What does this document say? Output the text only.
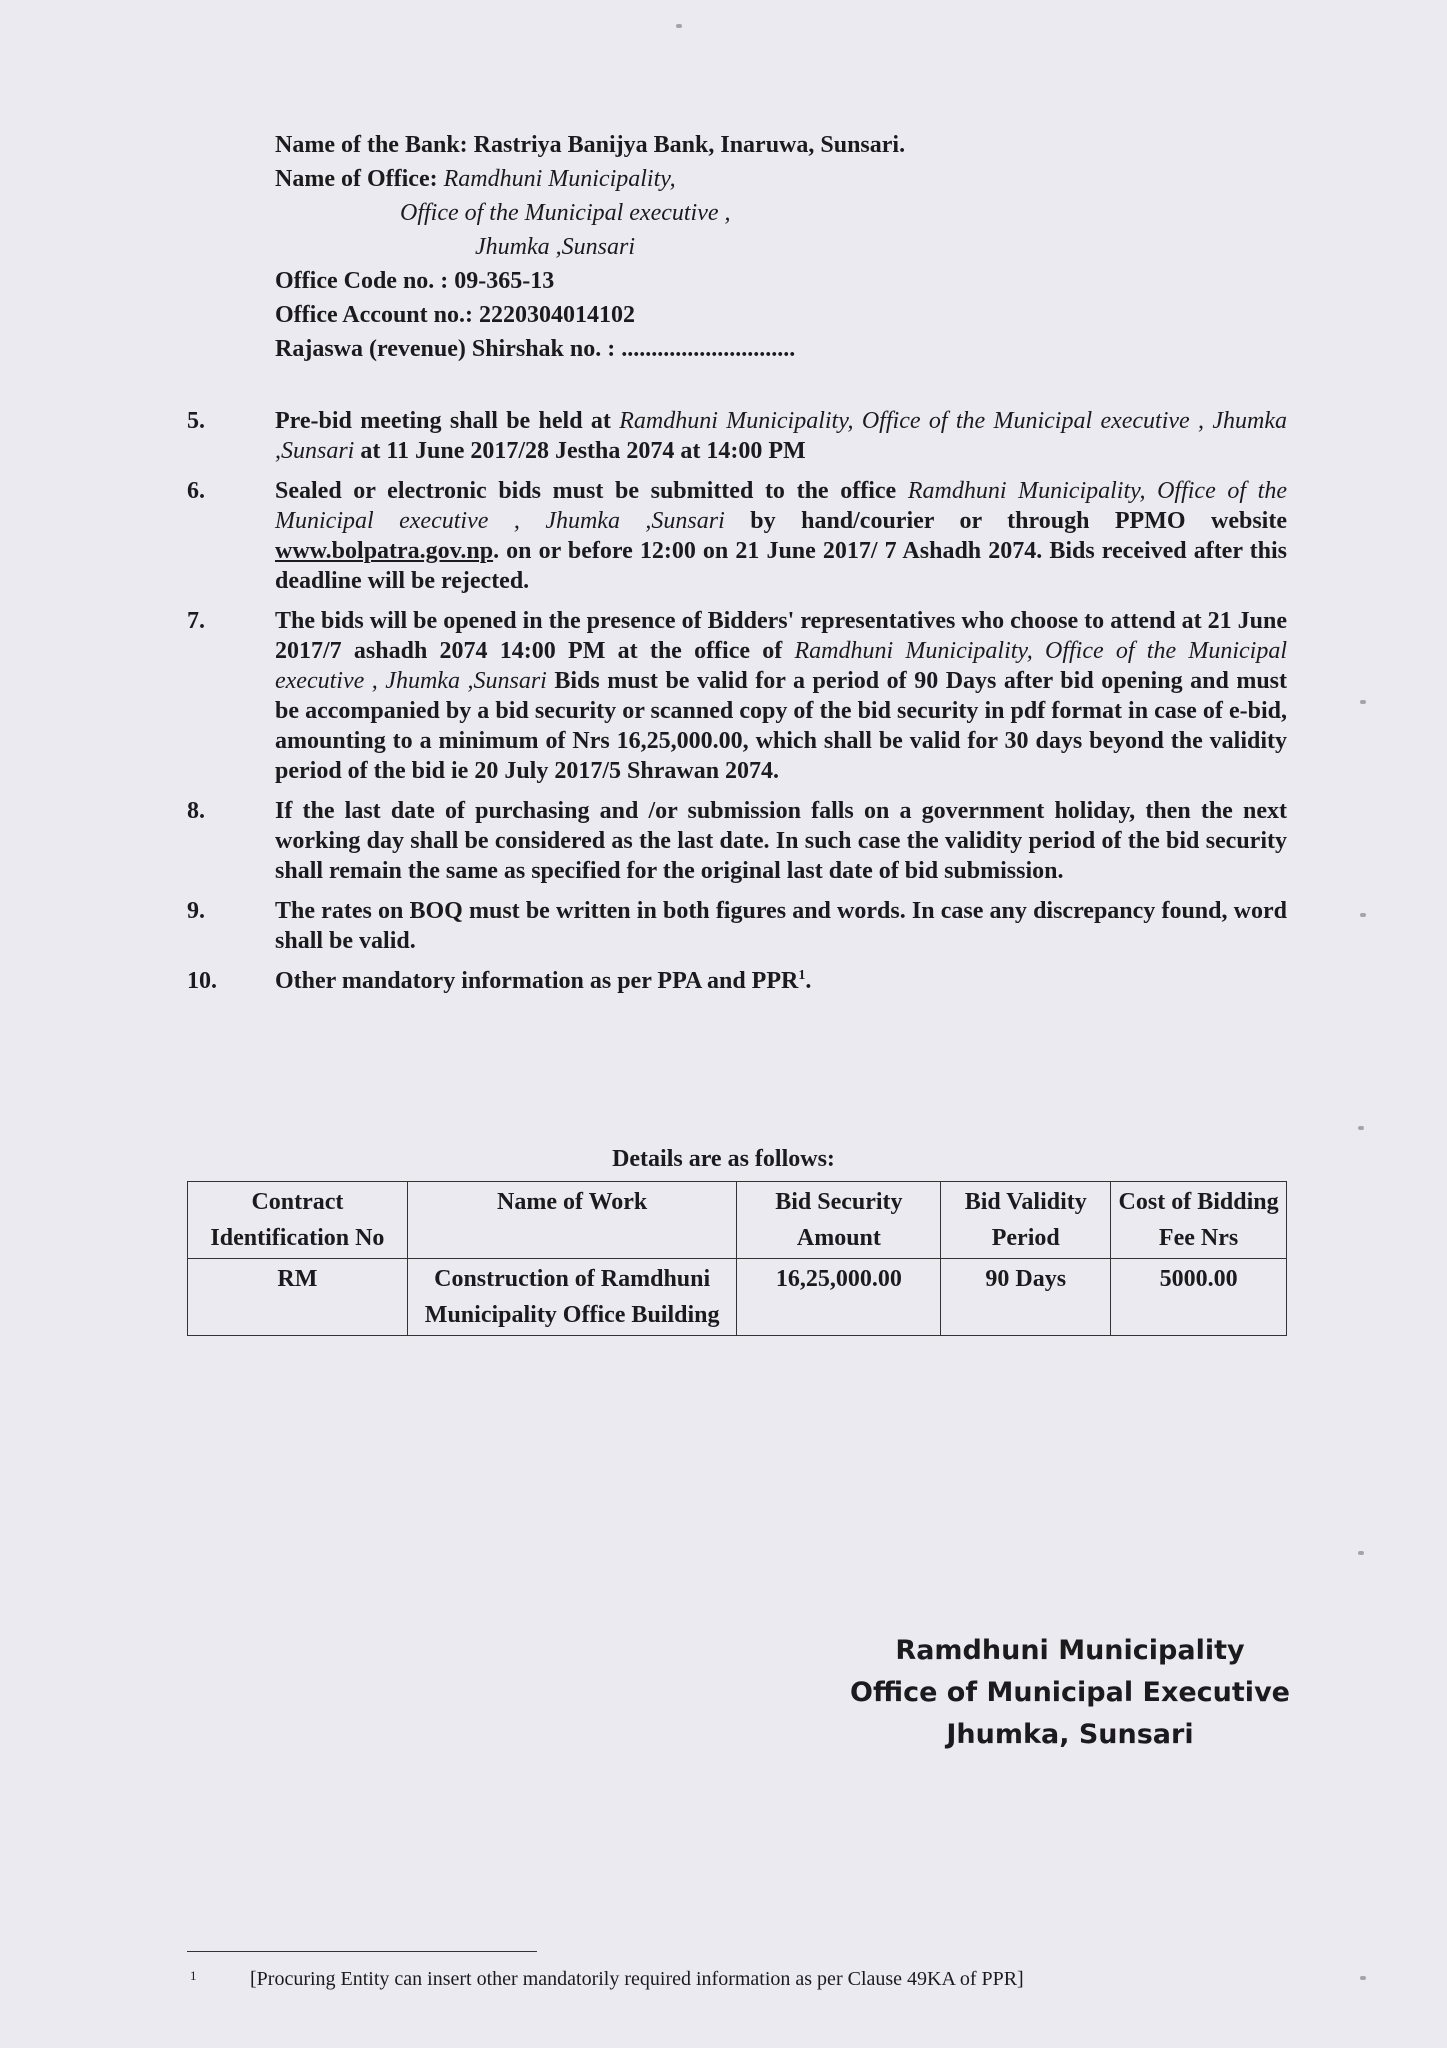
Name of the Bank: Rastriya Banijya Bank, Inaruwa, Sunsari.
Name of Office: Ramdhuni Municipality,
Office of the Municipal executive ,
Jhumka ,Sunsari
Office Code no. : 09-365-13
Office Account no.: 2220304014102
Rajaswa (revenue) Shirshak no. : .............................
5.	Pre-bid meeting shall be held at Ramdhuni Municipality, Office of the Municipal executive , Jhumka ,Sunsari at 11 June 2017/28 Jestha 2074 at 14:00 PM
6.	Sealed or electronic bids must be submitted to the office Ramdhuni Municipality, Office of the Municipal executive , Jhumka ,Sunsari by hand/courier or through PPMO website www.bolpatra.gov.np. on or before 12:00 on 21 June 2017/ 7 Ashadh 2074. Bids received after this deadline will be rejected.
7.	The bids will be opened in the presence of Bidders' representatives who choose to attend at 21 June 2017/7 ashadh 2074 14:00 PM at the office of Ramdhuni Municipality, Office of the Municipal executive , Jhumka ,Sunsari Bids must be valid for a period of 90 Days after bid opening and must be accompanied by a bid security or scanned copy of the bid security in pdf format in case of e-bid, amounting to a minimum of Nrs 16,25,000.00, which shall be valid for 30 days beyond the validity period of the bid ie 20 July 2017/5 Shrawan 2074.
8.	If the last date of purchasing and /or submission falls on a government holiday, then the next working day shall be considered as the last date. In such case the validity period of the bid security shall remain the same as specified for the original last date of bid submission.
9.	The rates on BOQ must be written in both figures and words. In case any discrepancy found, word shall be valid.
10.	Other mandatory information as per PPA and PPR$^1$.
Details are as follows:
Contract Identification No	Name of Work	Bid Security Amount	Bid Validity Period	Cost of Bidding Fee Nrs
RM	Construction of Ramdhuni Municipality Office Building	16,25,000.00	90 Days	5000.00
Ramdhuni Municipality
Office of Municipal Executive
Jhumka, Sunsari
1	[Procuring Entity can insert other mandatorily required information as per Clause 49KA of PPR]
